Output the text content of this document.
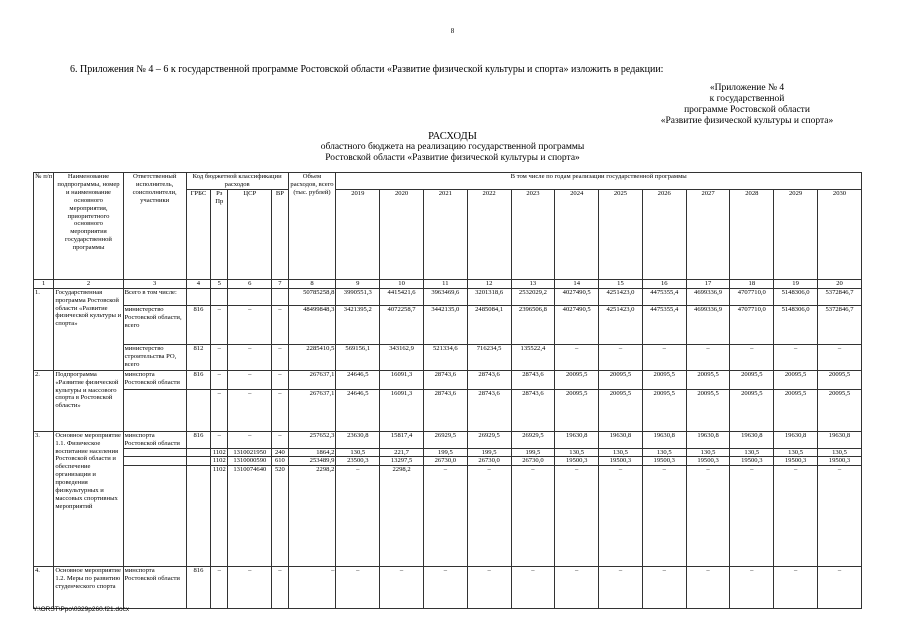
8
6. Приложения № 4 – 6 к государственной программе Ростовской области «Развитие физической культуры и спорта» изложить в редакции:
«Приложение № 4
к государственной
программе Ростовской области
«Развитие физической культуры и спорта»
РАСХОДЫ
областного бюджета на реализацию государственной программы
Ростовской области «Развитие физической культуры и спорта»
№ п/п	Наименование подпрограммы, номер и наименование основного мероприятия, приоритетного основного мероприятия государственной программы	Ответственный исполнитель, соисполнители, участники	Код бюджетной классификации расходов				Объем расходов, всего (тыс. рублей)	В том числе по годам реализации государственной программы											
			ГРБС	Рз Пр	ЦСР	ВР		2019	2020	2021	2022	2023	2024	2025	2026	2027	2028	2029	2030
1	2	3	4	5	6	7	8	9	10	11	12	13	14	15	16	17	18	19	20
1.	Государственная программа Ростовской области «Развитие физической культуры и спорта»	Всего в том числе:					50785258,8	3990551,3	4415421,6	3963469,6	3201318,6	2532029,2	4027490,5	4251423,0	4475355,4	4699336,9	4707710,0	5148306,0	5372846,7
		министерство Ростовской области, всего	816	–	–	–	48499848,3	3421395,2	4072258,7	3442135,0	2485084,1	2396506,8	4027490,5	4251423,0	4475355,4	4699336,9	4707710,0	5148306,0	5372846,7
		министерство строительства РО, всего	812	–	–	–	2285410,5	569156,1	343162,9	521334,6	716234,5	135522,4	–	–	–	–	–	–	–
2.	Подпрограмма «Развитие физической культуры и массового спорта в Ростовской области»	минспорта Ростовской области	816	–	–	–	267637,1	24646,5	16091,3	28743,6	28743,6	28743,6	20095,5	20095,5	20095,5	20095,5	20095,5	20095,5	20095,5
				–	–	–	267637,1	24646,5	16091,3	28743,6	28743,6	28743,6	20095,5	20095,5	20095,5	20095,5	20095,5	20095,5	20095,5
3.	Основное мероприятие 1.1. Физическое воспитание населения Ростовской области и обеспечение организации и проведения физкультурных и массовых спортивных мероприятий	минспорта Ростовской области	816	–	–	–	257652,3	23630,8	15817,4	26929,5	26929,5	26929,5	19630,8	19630,8	19630,8	19630,8	19630,8	19630,8	19630,8
				1102	1310021950	240	1864,2	130,5	221,7	199,5	199,5	199,5	130,5	130,5	130,5	130,5	130,5	130,5	130,5
				1102	1310000590	610	253489,9	23500,3	13297,5	26730,0	26730,0	26730,0	19500,3	19500,3	19500,3	19500,3	19500,3	19500,3	19500,3
				1102	1310074640	520	2298,2	–	2298,2	–	–	–	–	–	–	–	–	–	–
4.	Основное мероприятие 1.2. Меры по развитию студенческого спорта	минспорта Ростовской области	816	–	–	–	–	–	–	–	–	–	–	–	–	–	–	–	–
Y:\ORST\Ppo\0329p260.f21.docx
